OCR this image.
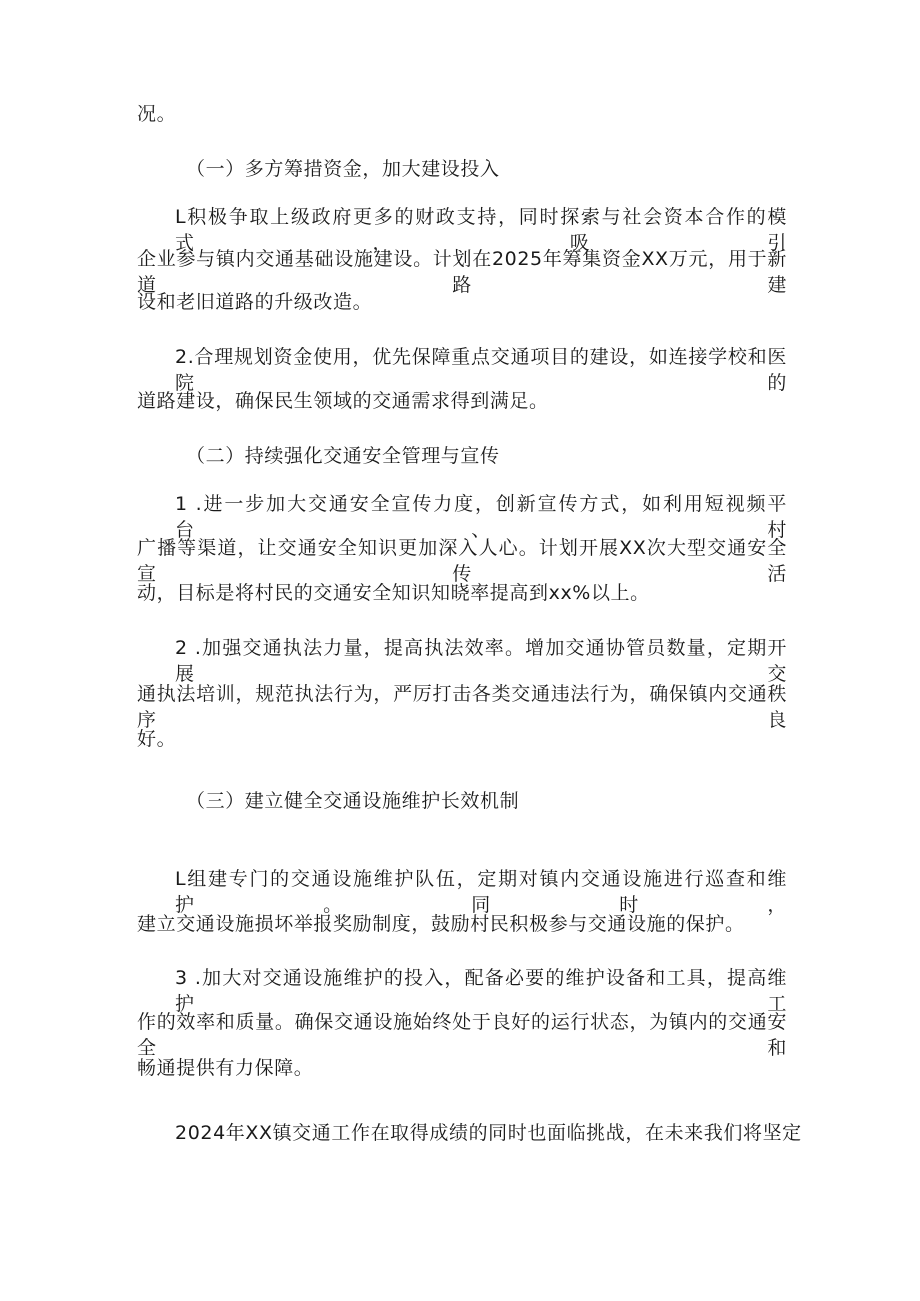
况。
（一）多方筹措资金，加大建设投入
L积极争取上级政府更多的财政支持，同时探索与社会资本合作的模式，吸引
企业参与镇内交通基础设施建设。计划在2025年筹集资金XX万元，用于新道路建
设和老旧道路的升级改造。
2.合理规划资金使用，优先保障重点交通项目的建设，如连接学校和医院的
道路建设，确保民生领域的交通需求得到满足。
（二）持续强化交通安全管理与宣传
1 .进一步加大交通安全宣传力度，创新宣传方式，如利用短视频平台、村
广播等渠道，让交通安全知识更加深入人心。计划开展XX次大型交通安全宣传活
动，目标是将村民的交通安全知识知晓率提高到xx%以上。
2 .加强交通执法力量，提高执法效率。增加交通协管员数量，定期开展交
通执法培训，规范执法行为，严厉打击各类交通违法行为，确保镇内交通秩序良
好。
（三）建立健全交通设施维护长效机制
L组建专门的交通设施维护队伍，定期对镇内交通设施进行巡查和维护。同时，
建立交通设施损坏举报奖励制度，鼓励村民积极参与交通设施的保护。
3 .加大对交通设施维护的投入，配备必要的维护设备和工具，提高维护工
作的效率和质量。确保交通设施始终处于良好的运行状态，为镇内的交通安全和
畅通提供有力保障。
2024年XX镇交通工作在取得成绩的同时也面临挑战，在未来我们将坚定
